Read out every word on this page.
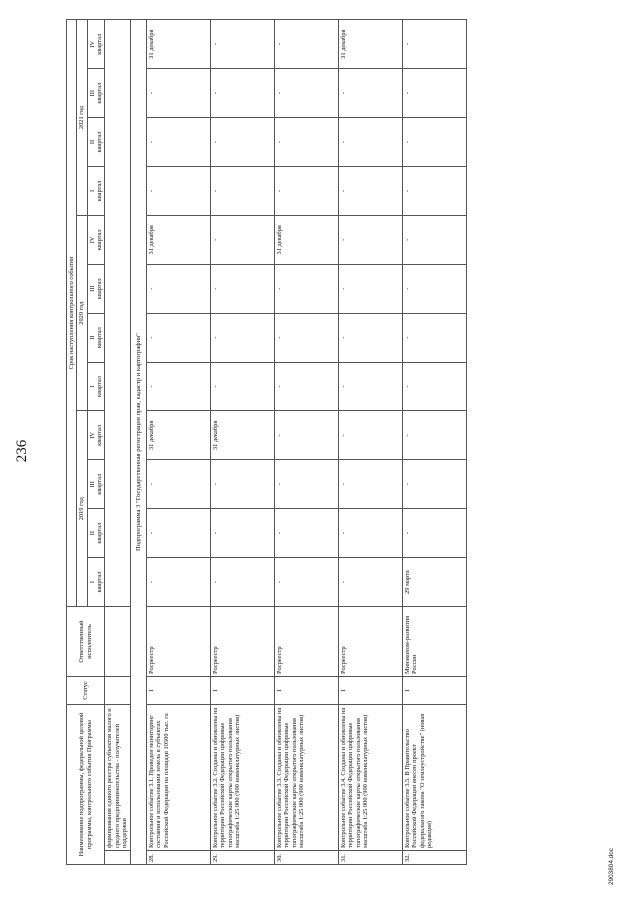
236
Наименование подпрограммы, федеральной целевой программы, контрольного события Программы		Статус	Ответственный исполнитель	Срок наступления контрольного события											
				2019 год				2020 год				2021 год			

				I квартал	II квартал	III квартал	IV квартал	I квартал	II квартал	III квартал	IV квартал	I квартал	II квартал	III квартал	IV квартал

	формирования единого реестра субъектов малого и среднего предпринимательства - получателей поддержки														
Подпрограмма 3 "Государственная регистрация прав, кадастр и картография"															
28.	Контрольное событие 3.1. Проведен мониторинг состояния и использования земель в субъектах Российской Федерации на площади 10500 тыс. га	1	Росреестр	-	-	-	31 декабря	-	-	-	31 декабря	-	-	-	31 декабря
29.	Контрольное событие 3.2. Созданы и обновлены на территории Российской Федерации цифровые топографические карты открытого пользования масштаба 1:25 000 (900 номенклатурных листов)	1	Росреестр	-	-	-	31 декабря	-	-	-	-	-	-	-	-
30.	Контрольное событие 3.3. Созданы и обновлены на территории Российской Федерации цифровые топографические карты открытого пользования масштаба 1:25 000 (900 номенклатурных листов)	1	Росреестр	-	-	-	-	-	-	-	31 декабря	-	-	-	-
31.	Контрольное событие 3.4. Созданы и обновлены на территории Российской Федерации цифровые топографические карты открытого пользования масштаба 1:25 000 (900 номенклатурных листов)	1	Росреестр	-	-	-	-	-	-	-	-	-	-	-	31 декабря
32.	Контрольное событие 3.5. В Правительство Российской Федерации внесен проект федерального закона "О землеустройстве" (новая редакция)	1	Минэконом-развития России	29 марта	-	-	-	-	-	-	-	-	-	-	-
2903804.doc
